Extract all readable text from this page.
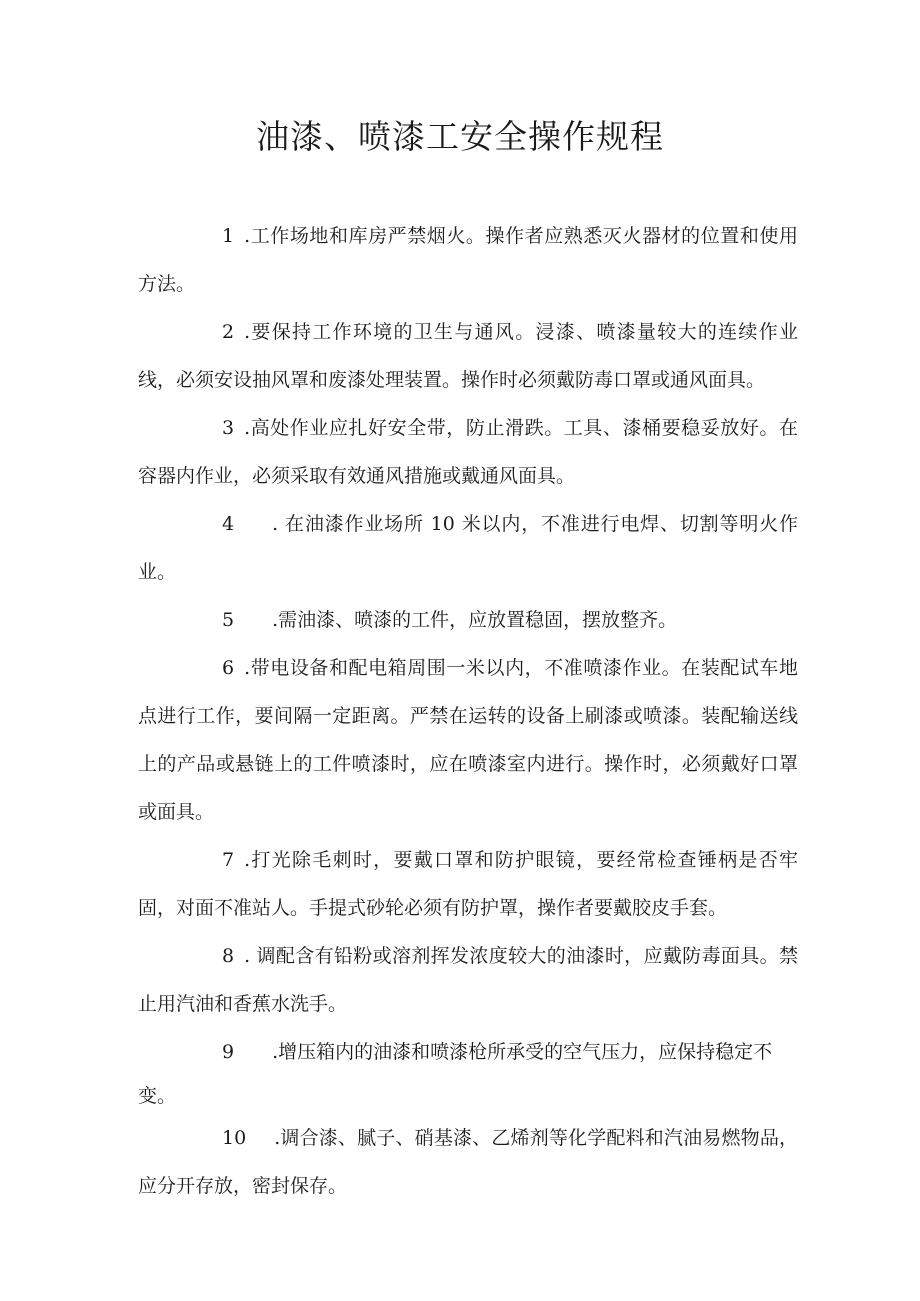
油漆、喷漆工安全操作规程

1 .工作场地和库房严禁烟火。操作者应熟悉灭火器材的位置和使用方法。

2 .要保持工作环境的卫生与通风。浸漆、喷漆量较大的连续作业线，必须安设抽风罩和废漆处理装置。操作时必须戴防毒口罩或通风面具。

3 .高处作业应扎好安全带，防止滑跌。工具、漆桶要稳妥放好。在容器内作业，必须采取有效通风措施或戴通风面具。

4 . 在油漆作业场所 10 米以内，不准进行电焊、切割等明火作业。

5 .需油漆、喷漆的工件，应放置稳固，摆放整齐。

6 .带电设备和配电箱周围一米以内，不准喷漆作业。在装配试车地点进行工作，要间隔一定距离。严禁在运转的设备上刷漆或喷漆。装配输送线上的产品或悬链上的工件喷漆时，应在喷漆室内进行。操作时，必须戴好口罩或面具。

7 .打光除毛刺时，要戴口罩和防护眼镜，要经常检查锤柄是否牢固，对面不准站人。手提式砂轮必须有防护罩，操作者要戴胶皮手套。

8 . 调配含有铅粉或溶剂挥发浓度较大的油漆时，应戴防毒面具。禁止用汽油和香蕉水洗手。

9 .增压箱内的油漆和喷漆枪所承受的空气压力，应保持稳定不

变。

10 .调合漆、腻子、硝基漆、乙烯剂等化学配料和汽油易燃物品，应分开存放，密封保存。
